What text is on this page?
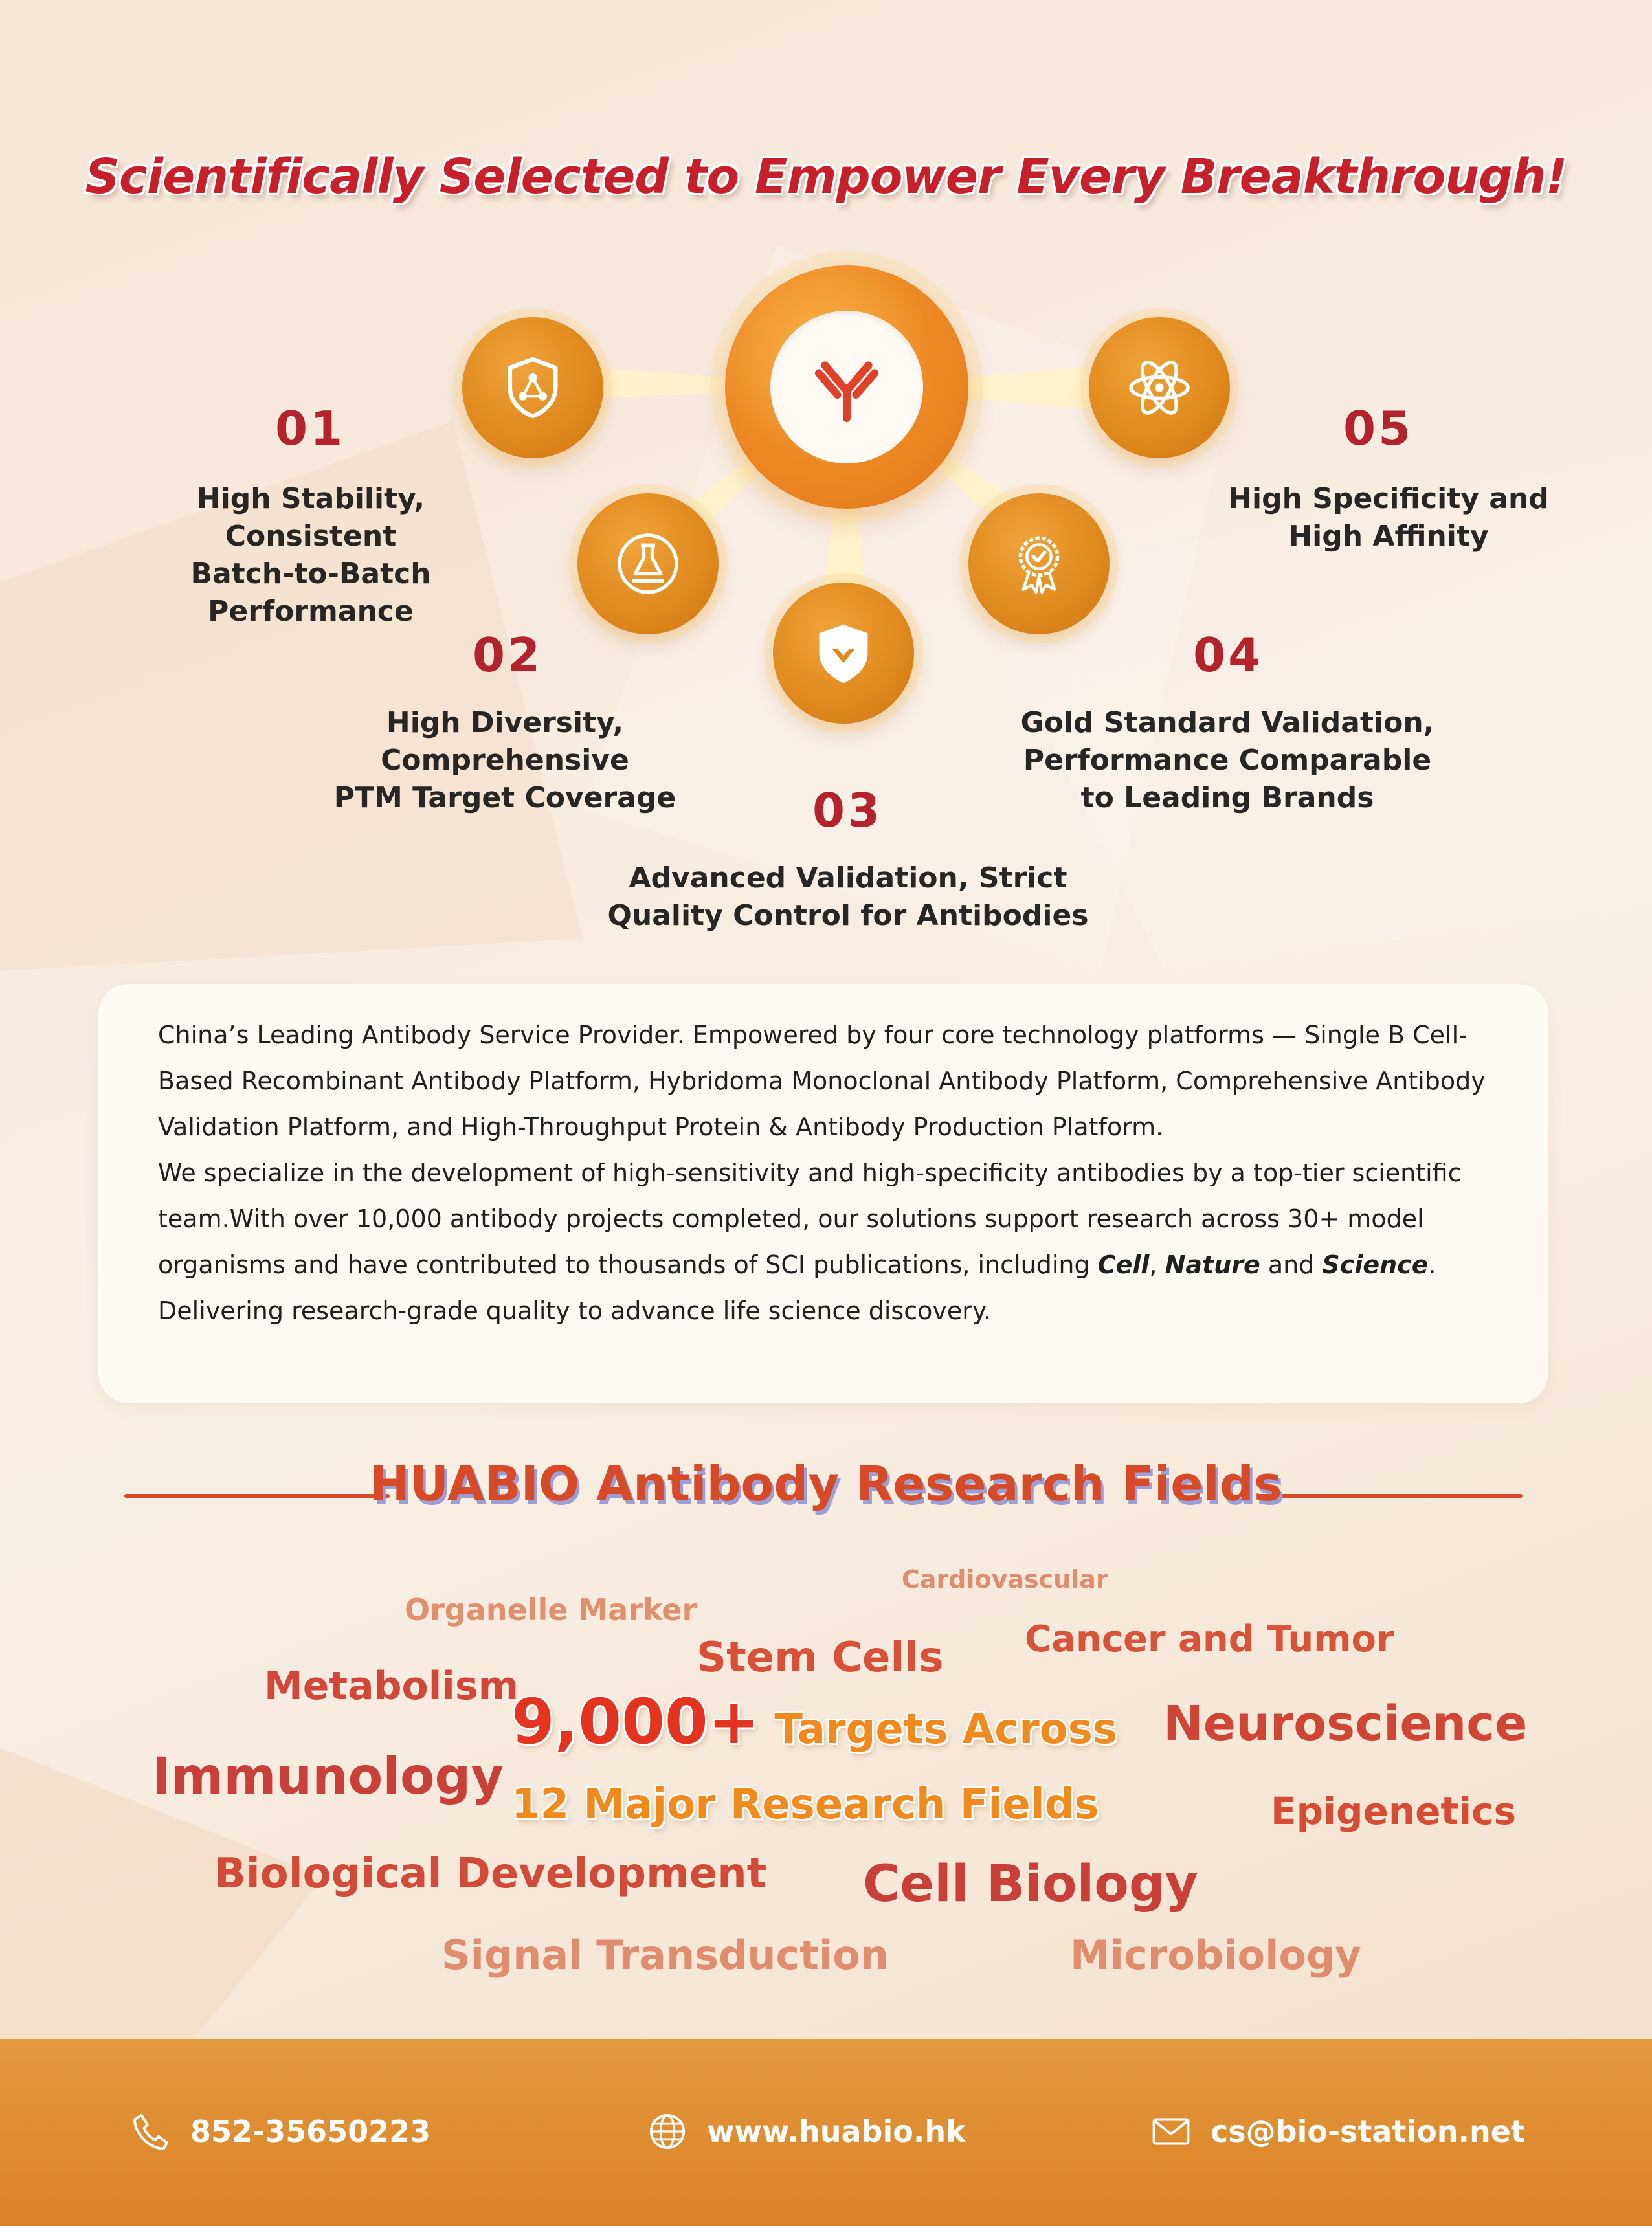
Scientifically Selected to Empower Every Breakthrough!
01
High Stability, Consistent
Batch-to-Batch
Performance
02
High Diversity, Comprehensive
PTM Target Coverage	03
Advanced Validation, Strict
Quality Control for Antibodies
04
Gold Standard Validation,
Performance Comparable
to Leading Brands
05
High Specificity and
High Affinity

China’s Leading Antibody Service Provider. Empowered by four core technology platforms — Single B Cell-Based Recombinant Antibody Platform, Hybridoma Monoclonal Antibody Platform, Comprehensive Antibody Validation Platform, and High-Throughput Protein & Antibody Production Platform.

We specialize in the development of high-sensitivity and high-specificity antibodies by a top-tier scientific team.With over 10,000 antibody projects completed, our solutions support research across 30+ model organisms and have contributed to thousands of SCI publications, including Cell, Nature and Science.

Delivering research-grade quality to advance life science discovery.

HUABIO Antibody Research Fields
Cardiovascular
Organelle Marker
Stem Cells Cancer and Tumor
Metabolism
Neuroscience
Immunology
Epigenetics
Biological Development Cell Biology
Signal Transduction	Microbiology
9,000+ Targets Across
12 Major Research Fields
852-35650223	www.huabio.hk	cs@bio-station.net
